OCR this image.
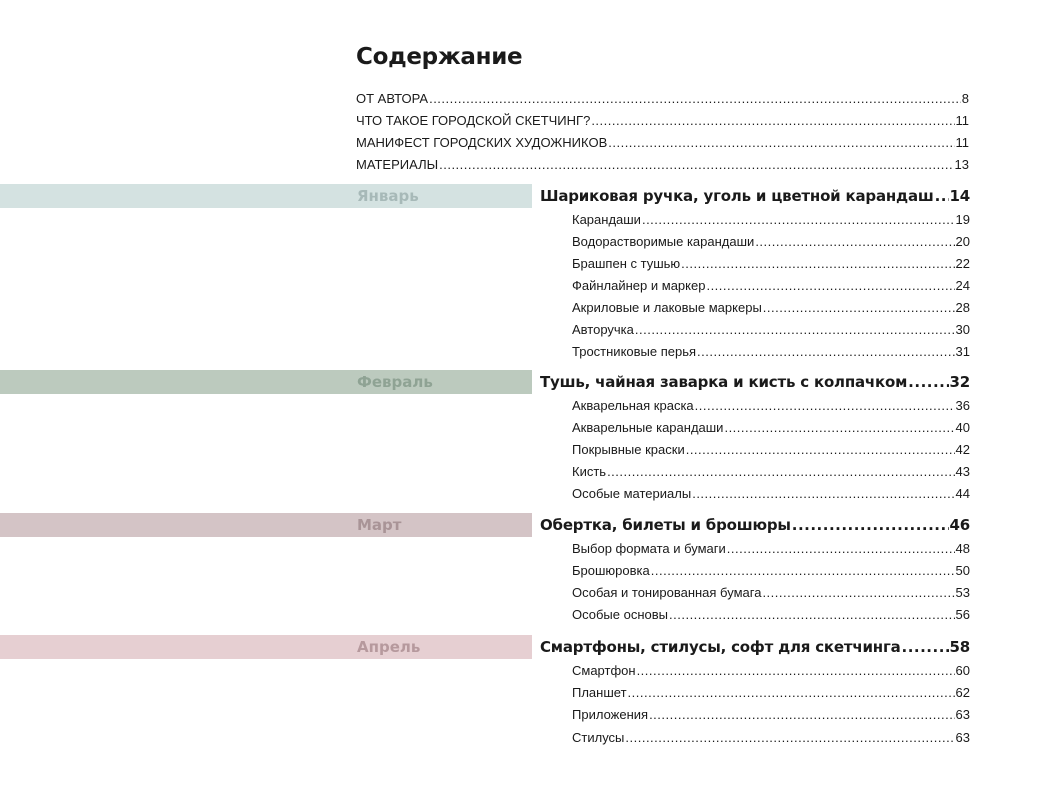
Содержание
ОТ АВТОРА .....	8
ЧТО ТАКОЕ ГОРОДСКОЙ СКЕТЧИНГ? .....	11
МАНИФЕСТ ГОРОДСКИХ ХУДОЖНИКОВ .....	11
МАТЕРИАЛЫ .....	13
Январь	Шариковая ручка, уголь и цветной карандаш ..... 14
Карандаши .....	19
Водорастворимые карандаши .....	20
Брашпен с тушью .....	22
Файнлайнер и маркер .....	24
Акриловые и лаковые маркеры .....	28
Авторучка .....	30
Тростниковые перья .....	31
Февраль	Тушь, чайная заварка и кисть с колпачком .....	32
Акварельная краска .....	36
Акварельные карандаши .....	40
Покрывные краски .....	42
Кисть .....	43
Особые материалы .....	44
Март	Обертка, билеты и брошюры .....	46
Выбор формата и бумаги .....	48
Брошюровка .....	50
Особая и тонированная бумага .....	53
Особые основы .....	56
Апрель	Смартфоны, стилусы, софт для скетчинга .....	58
Смартфон .....	60
Планшет .....	62
Приложения .....	63
Стилусы .....	63
